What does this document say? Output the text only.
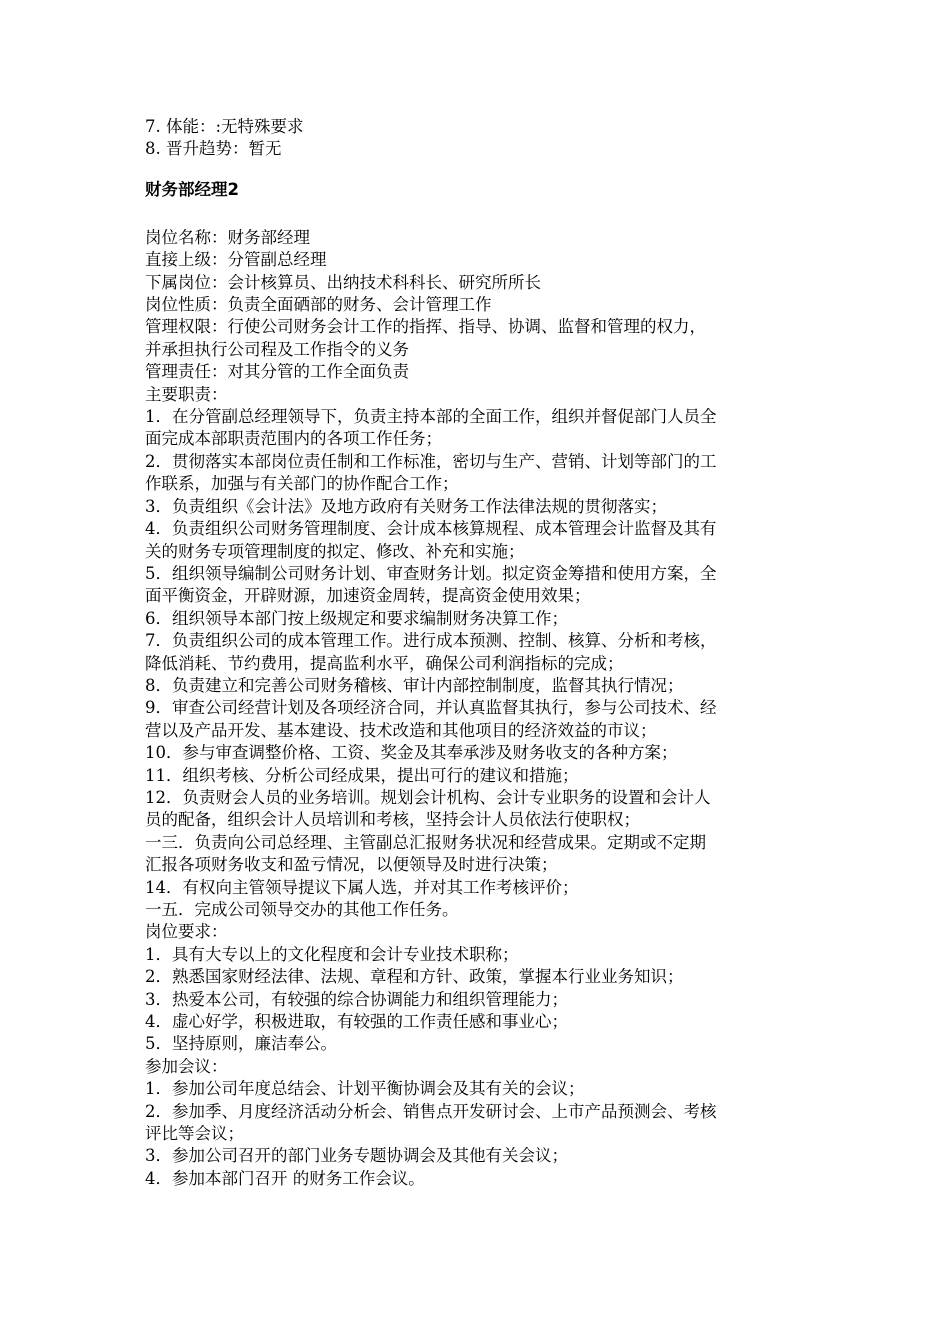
7. 体能：:无特殊要求
8. 晋升趋势：暂无
财务部经理2
岗位名称：财务部经理
直接上级：分管副总经理
下属岗位：会计核算员、出纳技术科科长、研究所所长
岗位性质：负责全面硒部的财务、会计管理工作
管理权限：行使公司财务会计工作的指挥、指导、协调、监督和管理的权力，
并承担执行公司程及工作指令的义务
管理责任：对其分管的工作全面负责
主要职责：
1．在分管副总经理领导下，负责主持本部的全面工作，组织并督促部门人员全
面完成本部职责范围内的各项工作任务；
2．贯彻落实本部岗位责任制和工作标准，密切与生产、营销、计划等部门的工
作联系，加强与有关部门的协作配合工作；
3．负责组织《会计法》及地方政府有关财务工作法律法规的贯彻落实；
4．负责组织公司财务管理制度、会计成本核算规程、成本管理会计监督及其有
关的财务专项管理制度的拟定、修改、补充和实施；
5．组织领导编制公司财务计划、审查财务计划。拟定资金筹措和使用方案，全
面平衡资金，开辟财源，加速资金周转，提高资金使用效果；
6．组织领导本部门按上级规定和要求编制财务决算工作；
7．负责组织公司的成本管理工作。进行成本预测、控制、核算、分析和考核，
降低消耗、节约费用，提高监利水平，确保公司利润指标的完成；
8．负责建立和完善公司财务稽核、审计内部控制制度，监督其执行情况；
9．审查公司经营计划及各项经济合同，并认真监督其执行，参与公司技术、经
营以及产品开发、基本建设、技术改造和其他项目的经济效益的市议；
10．参与审查调整价格、工资、奖金及其奉承涉及财务收支的各种方案；
11．组织考核、分析公司经成果，提出可行的建议和措施；
12．负责财会人员的业务培训。规划会计机构、会计专业职务的设置和会计人
员的配备，组织会计人员培训和考核，坚持会计人员依法行使职权；
一三．负责向公司总经理、主管副总汇报财务状况和经营成果。定期或不定期
汇报各项财务收支和盈亏情况，以便领导及时进行决策；
14．有权向主管领导提议下属人选，并对其工作考核评价；
一五．完成公司领导交办的其他工作任务。
岗位要求：
1．具有大专以上的文化程度和会计专业技术职称；
2．熟悉国家财经法律、法规、章程和方针、政策，掌握本行业业务知识；
3．热爱本公司，有较强的综合协调能力和组织管理能力；
4．虚心好学，积极进取，有较强的工作责任感和事业心；
5．坚持原则，廉洁奉公。
参加会议：
1．参加公司年度总结会、计划平衡协调会及其有关的会议；
2．参加季、月度经济活动分析会、销售点开发研讨会、上市产品预测会、考核
评比等会议；
3．参加公司召开的部门业务专题协调会及其他有关会议；
4．参加本部门召开 的财务工作会议。
